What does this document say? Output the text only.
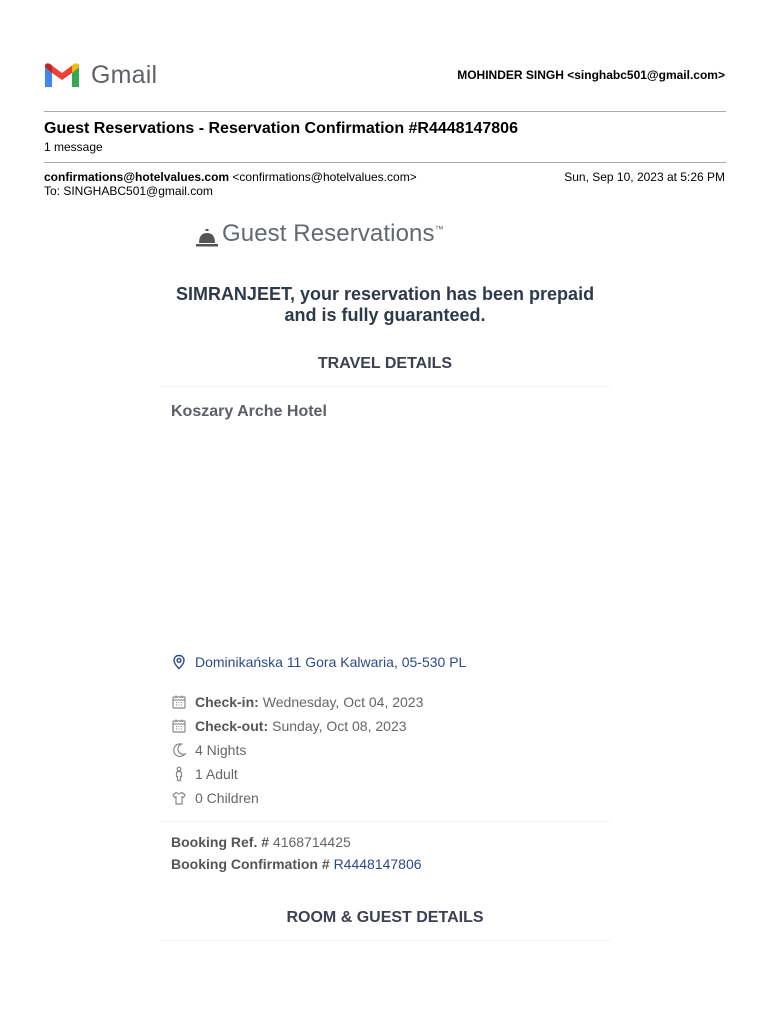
Gmail	MOHINDER SINGH <singhabc501@gmail.com>
Guest Reservations - Reservation Confirmation #R4448147806
1 message
confirmations@hotelvalues.com <confirmations@hotelvalues.com>
To: SINGHABC501@gmail.com
Sun, Sep 10, 2023 at 5:26 PM
Guest Reservations ™
SIMRANJEET, your reservation has been prepaid
and is fully guaranteed.
TRAVEL DETAILS
Koszary Arche Hotel
Dominikańska 11 Gora Kalwaria, 05-530 PL
Check-in: Wednesday, Oct 04, 2023
Check-out: Sunday, Oct 08, 2023
4 Nights
1 Adult
0 Children
Booking Ref. # 4168714425
Booking Confirmation # R4448147806
ROOM & GUEST DETAILS
